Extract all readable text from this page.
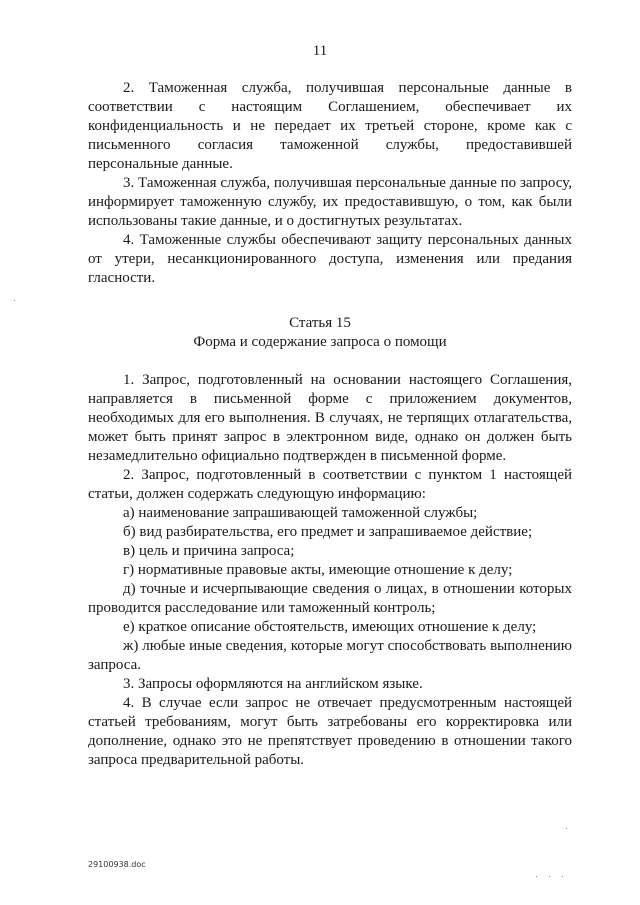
11

2. Таможенная служба, получившая персональные данные в соответствии с настоящим Соглашением, обеспечивает их конфиденциальность и не передает их третьей стороне, кроме как с письменного согласия таможенной службы, предоставившей персональные данные.

3. Таможенная служба, получившая персональные данные по запросу, информирует таможенную службу, их предоставившую, о том, как были использованы такие данные, и о достигнутых результатах.

4. Таможенные службы обеспечивают защиту персональных данных от утери, несанкционированного доступа, изменения или предания гласности.

Статья 15
Форма и содержание запроса о помощи

1. Запрос, подготовленный на основании настоящего Соглашения, направляется в письменной форме с приложением документов, необходимых для его выполнения. В случаях, не терпящих отлагательства, может быть принят запрос в электронном виде, однако он должен быть незамедлительно официально подтвержден в письменной форме.

2. Запрос, подготовленный в соответствии с пунктом 1 настоящей статьи, должен содержать следующую информацию:

а) наименование запрашивающей таможенной службы;

б) вид разбирательства, его предмет и запрашиваемое действие;

в) цель и причина запроса;

г) нормативные правовые акты, имеющие отношение к делу;

д) точные и исчерпывающие сведения о лицах, в отношении которых проводится расследование или таможенный контроль;

е) краткое описание обстоятельств, имеющих отношение к делу;

ж) любые иные сведения, которые могут способствовать выполнению запроса.

3. Запросы оформляются на английском языке.

4. В случае если запрос не отвечает предусмотренным настоящей статьей требованиям, могут быть затребованы его корректировка или дополнение, однако это не препятствует проведению в отношении такого запроса предварительной работы.

29100938.doc
